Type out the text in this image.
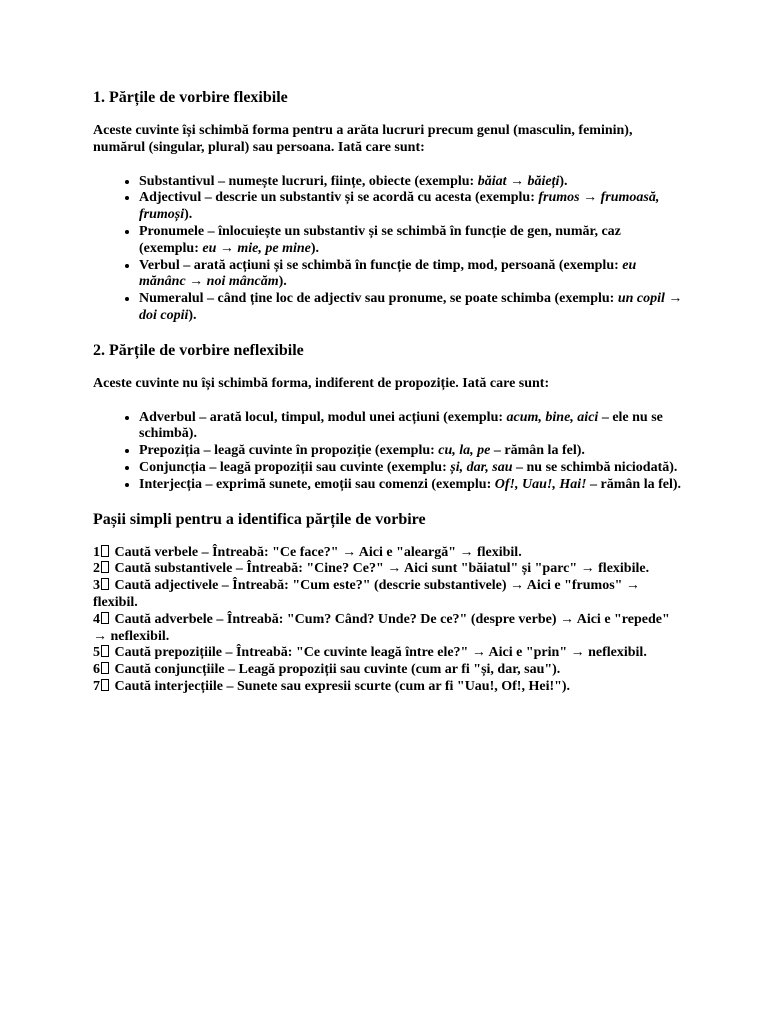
1. Părțile de vorbire flexibile

Aceste cuvinte își schimbă forma pentru a arăta lucruri precum genul (masculin, feminin), numărul (singular, plural) sau persoana. Iată care sunt:

• Substantivul – numește lucruri, ființe, obiecte (exemplu: băiat → băieți).
• Adjectivul – descrie un substantiv și se acordă cu acesta (exemplu: frumos → frumoasă, frumoși).
• Pronumele – înlocuiește un substantiv și se schimbă în funcție de gen, număr, caz (exemplu: eu → mie, pe mine).
• Verbul – arată acțiuni și se schimbă în funcție de timp, mod, persoană (exemplu: eu mănânc → noi mâncăm).
• Numeralul – când ține loc de adjectiv sau pronume, se poate schimba (exemplu: un copil → doi copii).
2. Părțile de vorbire neflexibile

Aceste cuvinte nu își schimbă forma, indiferent de propoziție. Iată care sunt:

• Adverbul – arată locul, timpul, modul unei acțiuni (exemplu: acum, bine, aici – ele nu se schimbă).
• Prepoziția – leagă cuvinte în propoziție (exemplu: cu, la, pe – rămân la fel).
• Conjuncția – leagă propoziții sau cuvinte (exemplu: și, dar, sau – nu se schimbă niciodată).
• Interjecția – exprimă sunete, emoții sau comenzi (exemplu: Of!, Uau!, Hai! – rămân la fel).
Pașii simpli pentru a identifica părțile de vorbire
1 Caută verbele – Întreabă: "Ce face?" → Aici e "aleargă" → flexibil.
2 Caută substantivele – Întreabă: "Cine? Ce?" → Aici sunt "băiatul" și "parc" → flexibile.
3 Caută adjectivele – Întreabă: "Cum este?" (descrie substantivele) → Aici e "frumos" → flexibil.
4 Caută adverbele – Întreabă: "Cum? Când? Unde? De ce?" (despre verbe) → Aici e "repede" → neflexibil.
5 Caută prepozițiile – Întreabă: "Ce cuvinte leagă între ele?" → Aici e "prin" → neflexibil.
6 Caută conjuncțiile – Leagă propoziții sau cuvinte (cum ar fi "și, dar, sau").
7 Caută interjecțiile – Sunete sau expresii scurte (cum ar fi "Uau!, Of!, Hei!").
